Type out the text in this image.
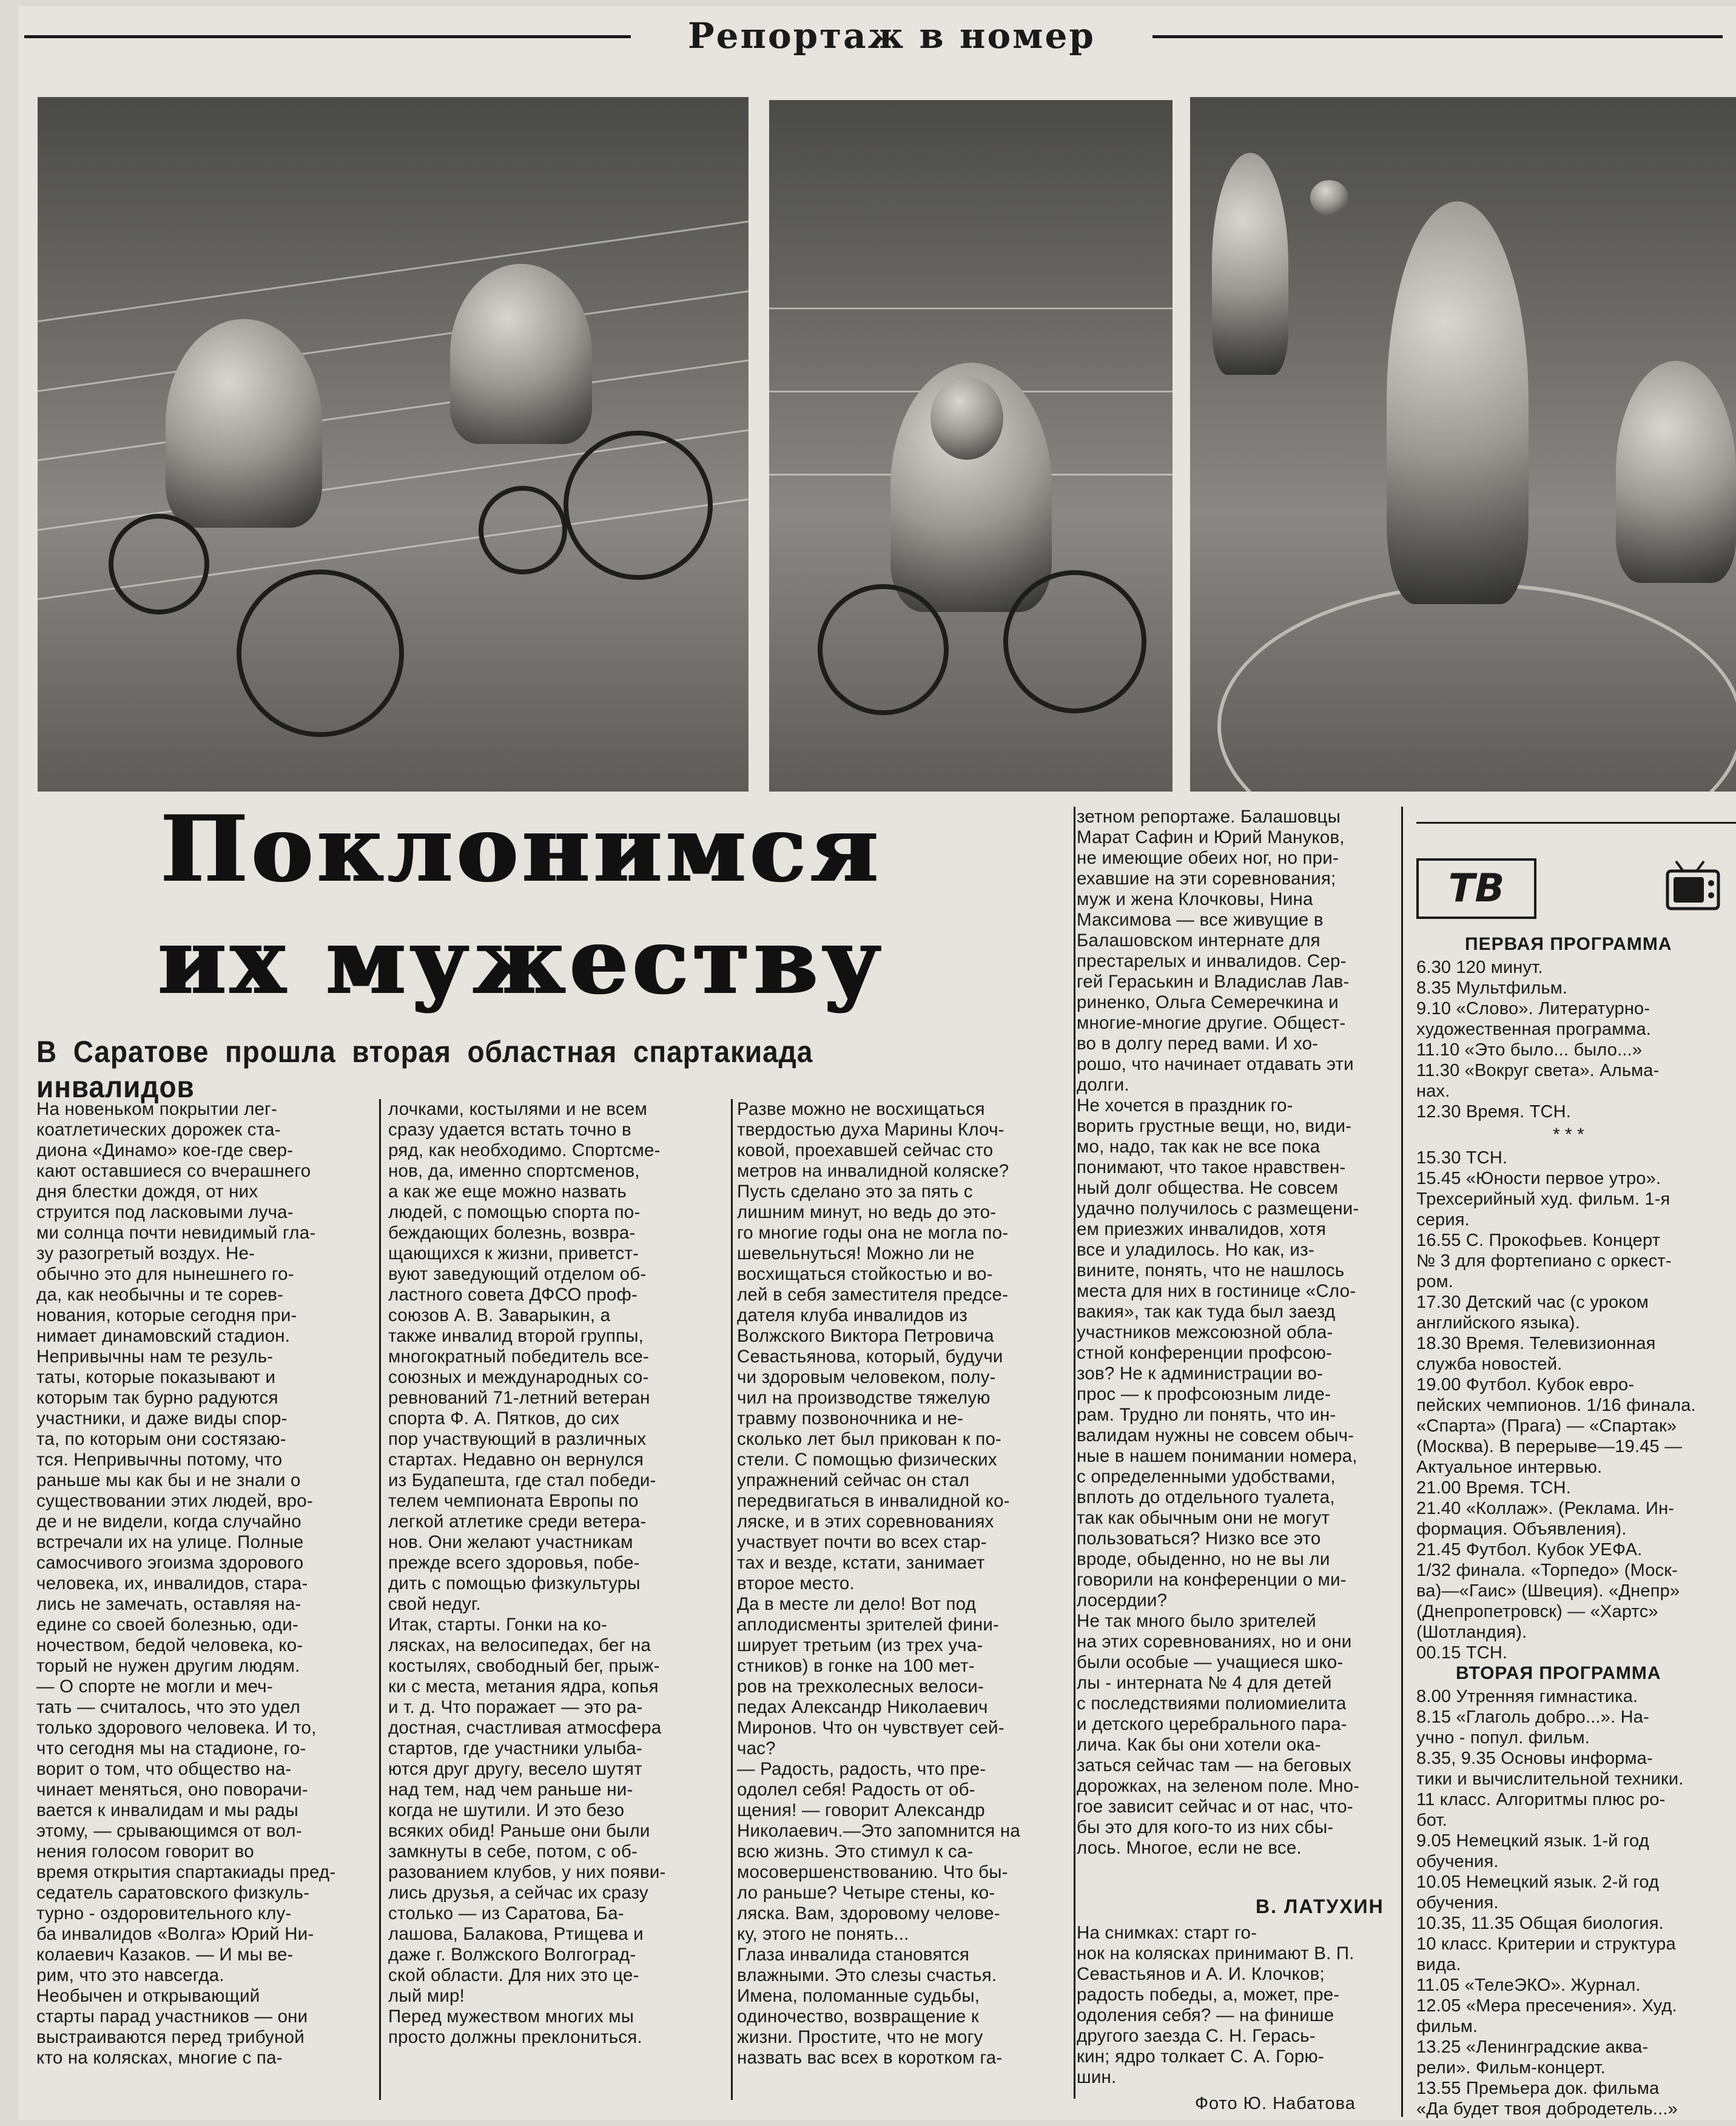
Репортаж в номер
Поклонимся
их мужеству
В Саратове прошла вторая областная спартакиада инвалидов
На новеньком покрытии лег-
коатлетических дорожек ста-
диона «Динамо» кое-где свер-
кают оставшиеся со вчерашнего
дня блестки дождя, от них
струится под ласковыми луча-
ми солнца почти невидимый гла-
зу разогретый воздух. Не-
обычно это для нынешнего го-
да, как необычны и те сорев-
нования, которые сегодня при-
нимает динамовский стадион.
Непривычны нам те резуль-
таты, которые показывают и
которым так бурно радуются
участники, и даже виды спор-
та, по которым они состязаю-
тся. Непривычны потому, что
раньше мы как бы и не знали о
существовании этих людей, вро-
де и не видели, когда случайно
встречали их на улице. Полные
самосчивого эгоизма здорового
человека, их, инвалидов, стара-
лись не замечать, оставляя на-
едине со своей болезнью, оди-
ночеством, бедой человека, ко-
торый не нужен другим людям.
— О спорте не могли и меч-
тать — считалось, что это удел
только здорового человека. И то,
что сегодня мы на стадионе, го-
ворит о том, что общество на-
чинает меняться, оно поворачи-
вается к инвалидам и мы рады
этому, — срывающимся от вол-
нения голосом говорит во
время открытия спартакиады пред-
седатель саратовского физкуль-
турно - оздоровительного клу-
ба инвалидов «Волга» Юрий Ни-
колаевич Казаков. — И мы ве-
рим, что это навсегда.
Необычен и открывающий
старты парад участников — они
выстраиваются перед трибуной
кто на колясках, многие с па-
лочками, костылями и не всем
сразу удается встать точно в
ряд, как необходимо. Спортсме-
нов, да, именно спортсменов,
а как же еще можно назвать
людей, с помощью спорта по-
беждающих болезнь, возвра-
щающихся к жизни, приветст-
вуют заведующий отделом об-
ластного совета ДФСО проф-
союзов А. В. Заварыкин, а
также инвалид второй группы,
многократный победитель все-
союзных и международных со-
ревнований 71-летний ветеран
спорта Ф. А. Пятков, до сих
пор участвующий в различных
стартах. Недавно он вернулся
из Будапешта, где стал победи-
телем чемпионата Европы по
легкой атлетике среди ветера-
нов. Они желают участникам
прежде всего здоровья, побе-
дить с помощью физкультуры
свой недуг.
Итак, старты. Гонки на ко-
лясках, на велосипедах, бег на
костылях, свободный бег, прыж-
ки с места, метания ядра, копья
и т. д. Что поражает — это ра-
достная, счастливая атмосфера
стартов, где участники улыба-
ются друг другу, весело шутят
над тем, над чем раньше ни-
когда не шутили. И это безо
всяких обид! Раньше они были
замкнуты в себе, потом, с об-
разованием клубов, у них появи-
лись друзья, а сейчас их сразу
столько — из Саратова, Ба-
лашова, Балакова, Ртищева и
даже г. Волжского Волгоград-
ской области. Для них это це-
лый мир!
Перед мужеством многих мы
просто должны преклониться.
Разве можно не восхищаться
твердостью духа Марины Клоч-
ковой, проехавшей сейчас сто
метров на инвалидной коляске?
Пусть сделано это за пять с
лишним минут, но ведь до это-
го многие годы она не могла по-
шевельнуться! Можно ли не
восхищаться стойкостью и во-
лей в себя заместителя предсе-
дателя клуба инвалидов из
Волжского Виктора Петровича
Севастьянова, который, будучи
чи здоровым человеком, полу-
чил на производстве тяжелую
травму позвоночника и не-
сколько лет был прикован к по-
стели. С помощью физических
упражнений сейчас он стал
передвигаться в инвалидной ко-
ляске, и в этих соревнованиях
участвует почти во всех стар-
тах и везде, кстати, занимает
второе место.
Да в месте ли дело! Вот под
аплодисменты зрителей фини-
ширует третьим (из трех уча-
стников) в гонке на 100 мет-
ров на трехколесных велоси-
педах Александр Николаевич
Миронов. Что он чувствует сей-
час?
— Радость, радость, что пре-
одолел себя! Радость от об-
щения! — говорит Александр
Николаевич.—Это запомнится на
всю жизнь. Это стимул к са-
мосовершенствованию. Что бы-
ло раньше? Четыре стены, ко-
ляска. Вам, здоровому челове-
ку, этого не понять...
Глаза инвалида становятся
влажными. Это слезы счастья.
Имена, поломанные судьбы,
одиночество, возвращение к
жизни. Простите, что не могу
назвать вас всех в коротком га-
зетном репортаже. Балашовцы
Марат Сафин и Юрий Мануков,
не имеющие обеих ног, но при-
ехавшие на эти соревнования;
муж и жена Клочковы, Нина
Максимова — все живущие в
Балашовском интернате для
престарелых и инвалидов. Сер-
гей Гераськин и Владислав Лав-
риненко, Ольга Семеречкина и
многие-многие другие. Общест-
во в долгу перед вами. И хо-
рошо, что начинает отдавать эти
долги.
Не хочется в праздник го-
ворить грустные вещи, но, види-
мо, надо, так как не все пока
понимают, что такое нравствен-
ный долг общества. Не совсем
удачно получилось с размещени-
ем приезжих инвалидов, хотя
все и уладилось. Но как, из-
вините, понять, что не нашлось
места для них в гостинице «Сло-
вакия», так как туда был заезд
участников межсоюзной обла-
стной конференции профсою-
зов? Не к администрации во-
прос — к профсоюзным лиде-
рам. Трудно ли понять, что ин-
валидам нужны не совсем обыч-
ные в нашем понимании номера,
с определенными удобствами,
вплоть до отдельного туалета,
так как обычным они не могут
пользоваться? Низко все это
вроде, обыденно, но не вы ли
говорили на конференции о ми-
лосердии?
Не так много было зрителей
на этих соревнованиях, но и они
были особые — учащиеся шко-
лы - интерната № 4 для детей
с последствиями полиомиелита
и детского церебрального пара-
лича. Как бы они хотели ока-
заться сейчас там — на беговых
дорожках, на зеленом поле. Мно-
гое зависит сейчас и от нас, что-
бы это для кого-то из них сбы-
лось. Многое, если не все.
В. ЛАТУХИН
На снимках: старт го-
нок на колясках принимают В. П.
Севастьянов и А. И. Клочков;
радость победы, а, может, пре-
одоления себя? — на финише
другого заезда С. Н. Герась-
кин; ядро толкает С. А. Горю-
шин.
Фото Ю. Набатова
ТВ
ПЕРВАЯ ПРОГРАММА
6.30 120 минут.
8.35 Мультфильм.
9.10 «Слово». Литературно-
художественная программа.
11.10 «Это было... было...»
11.30 «Вокруг света». Альма-
нах.
12.30 Время. ТСН.
* * *
15.30 ТСН.
15.45 «Юности первое утро».
Трехсерийный худ. фильм. 1-я
серия.
16.55 С. Прокофьев. Концерт
№ 3 для фортепиано с оркест-
ром.
17.30 Детский час (с уроком
английского языка).
18.30 Время. Телевизионная
служба новостей.
19.00 Футбол. Кубок евро-
пейских чемпионов. 1/16 финала.
«Спарта» (Прага) — «Спартак»
(Москва). В перерыве—19.45 —
Актуальное интервью.
21.00 Время. ТСН.
21.40 «Коллаж». (Реклама. Ин-
формация. Объявления).
21.45 Футбол. Кубок УЕФА.
1/32 финала. «Торпедо» (Моск-
ва)—«Гаис» (Швеция). «Днепр»
(Днепропетровск) — «Хартс»
(Шотландия).
00.15 ТСН.
ВТОРАЯ ПРОГРАММА
8.00 Утренняя гимнастика.
8.15 «Глаголь добро...». На-
учно - попул. фильм.
8.35, 9.35 Основы информа-
тики и вычислительной техники.
11 класс. Алгоритмы плюс ро-
бот.
9.05 Немецкий язык. 1-й год
обучения.
10.05 Немецкий язык. 2-й год
обучения.
10.35, 11.35 Общая биология.
10 класс. Критерии и структура
вида.
11.05 «ТелеЭКО». Журнал.
12.05 «Мера пресечения». Худ.
фильм.
13.25 «Ленинградские аква-
рели». Фильм-концерт.
13.55 Премьера док. фильма
«Да будет твоя добродетель...»
